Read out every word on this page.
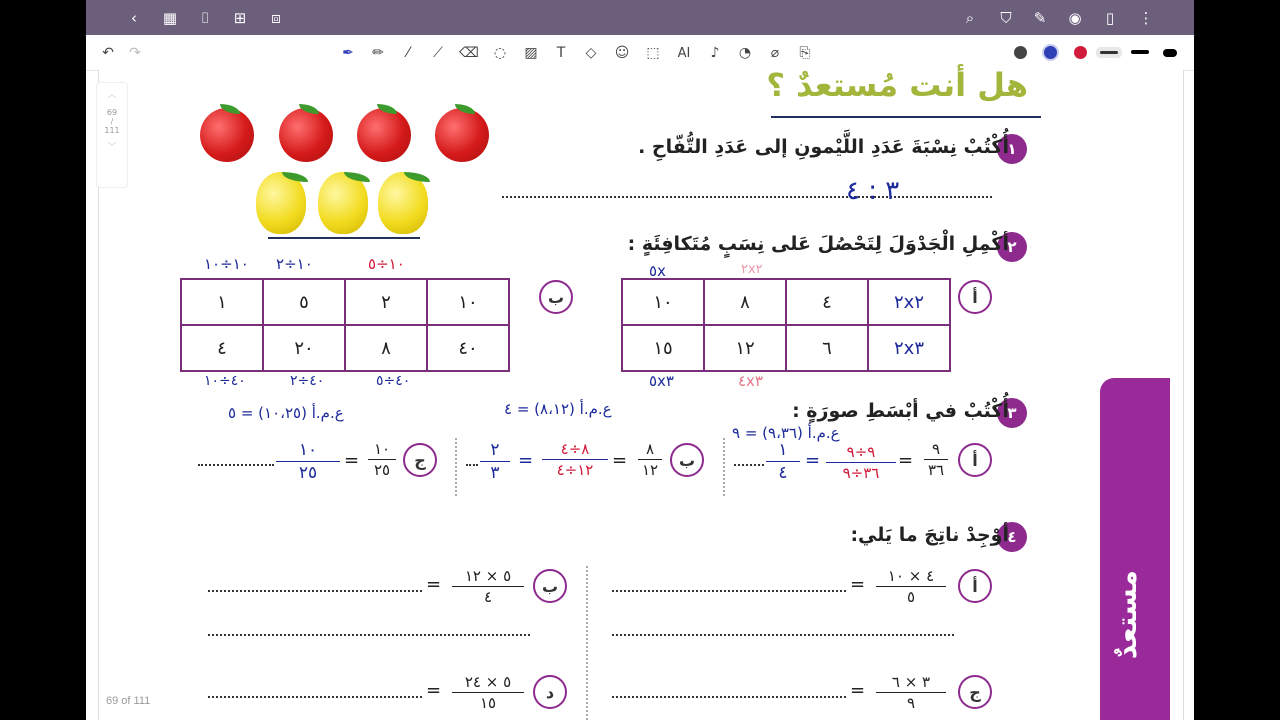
‹	▦	⌷	⊞	⧈	⌕	⛉	✎	◉	▯	⋮
↶	↷	✒	✏	⁄	⟋	⌫	◌	▨	T	◇	☺	⬚	AI	♪	◔	⌀	⎘
︿
69
/
111
﹀
هل أنت مُستعدٌ ؟
١
أُكْتُبْ نِسْبَةَ عَدَدِ اللَّيْمونِ إلى عَدَدِ التُّفّاحِ .
٣ : ٤
٢
أكْمِلِ الْجَدْوَلَ لِتَحْصُلَ عَلى نِسَبٍ مُتَكافِئَةٍ :
أ
٥x	٢x٢
١٠	٨	٤	٢x٢
١٥	١٢	٦	٢x٣
٥x٣	٤x٣
ب
١٠÷١٠ ١٠÷٢	١٠÷٥
١	٥	٢	١٠
٤	٢٠	٨	٤٠
٤٠÷١٠	٤٠÷٢	٤٠÷٥
٣
أُكْتُبْ في أبْسَطِ صورَةٍ :
ع.م.أ (٩،٣٦) = ٩
أ
٩
٣٦
=
٩÷٩
٣٦÷٩
=
١
٤
ع.م.أ (٨،١٢) = ٤
ب
٨
١٢
=
٨÷٤
١٢÷٤
=
٢
٣
ع.م.أ (١٠،٢٥) = ٥
ج
١٠
٢٥
=
١٠
٢٥
٤
أوْجِدْ ناتِجَ ما يَلي:
أ
٤ × ١٠
٥
=
ب
٥ × ١٢
٤
=
ج
٣ × ٦
٩
=
د
٥ × ٢٤
١٥
=
مستعدٌ
69 of 111
